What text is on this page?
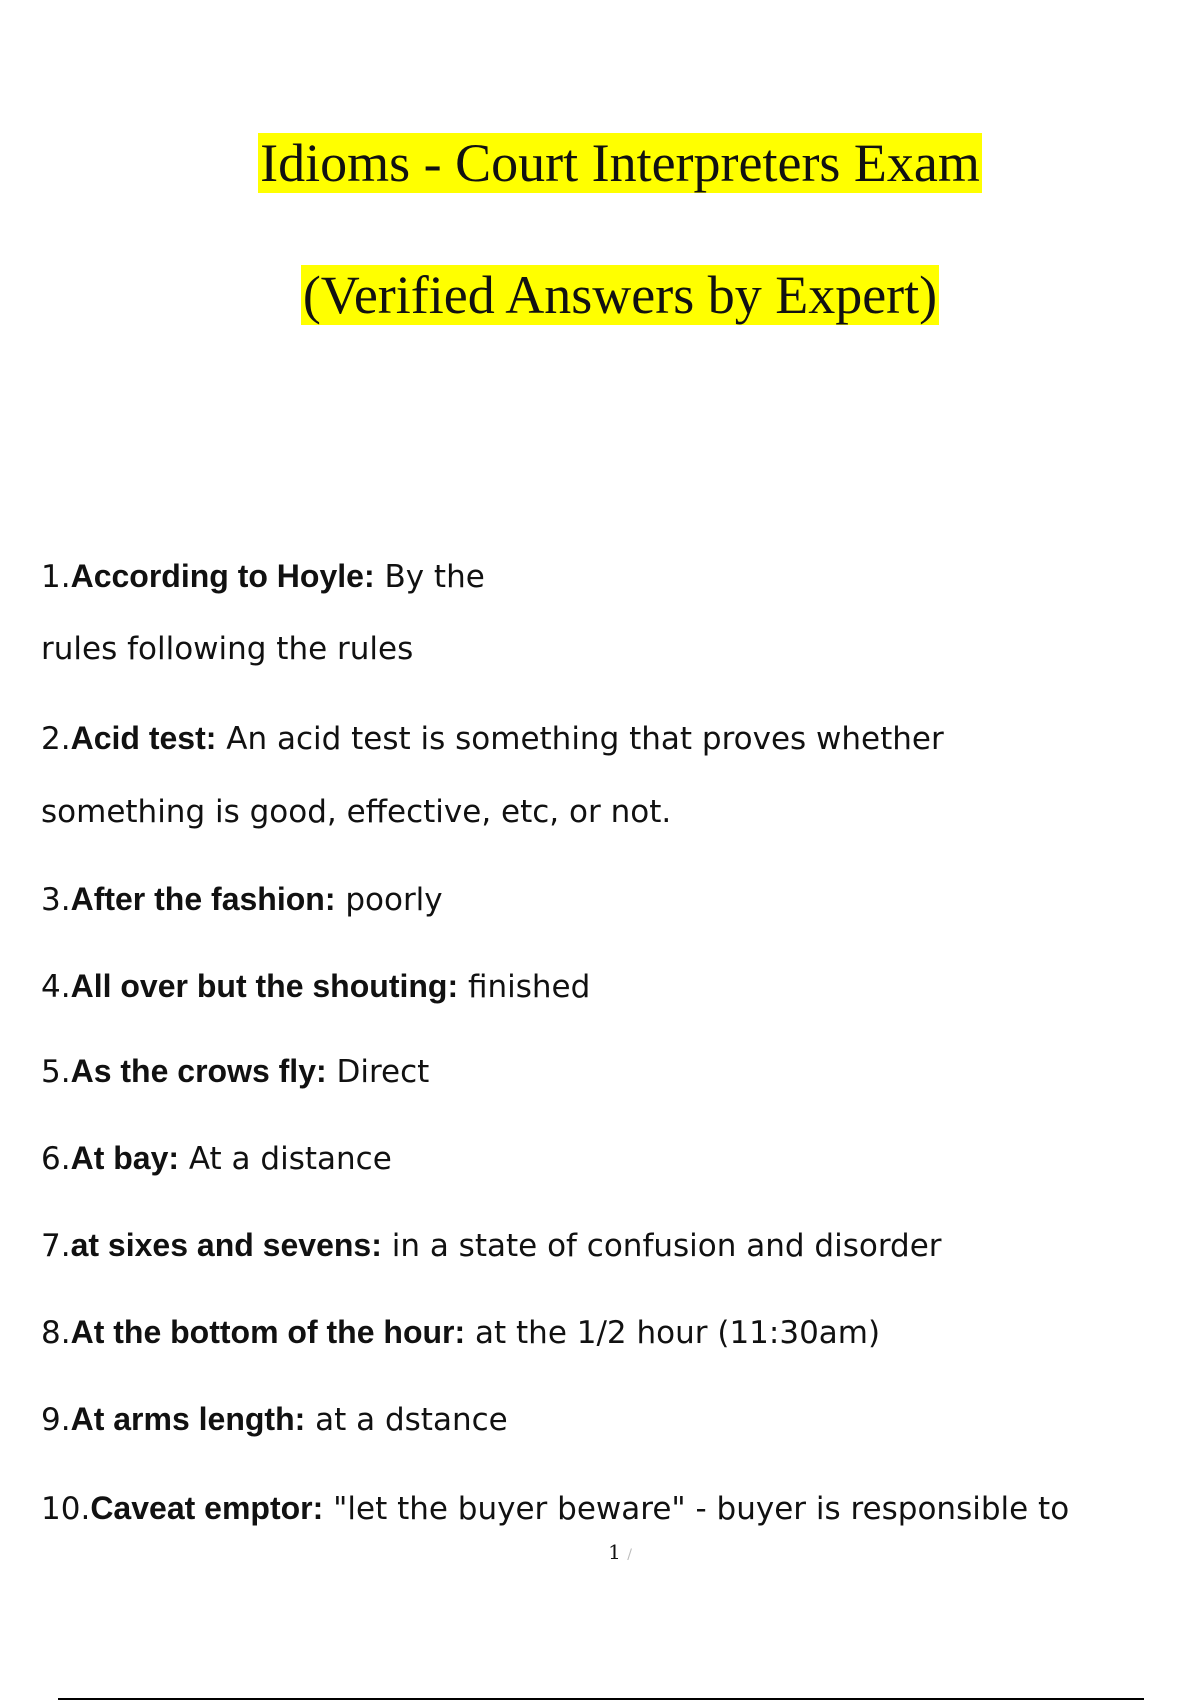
Idioms - Court Interpreters Exam
(Verified Answers by Expert)
1.According to Hoyle: By the
rules following the rules
2.Acid test: An acid test is something that proves whether
something is good, effective, etc, or not.
3.After the fashion: poorly
4.All over but the shouting: finished
5.As the crows fly: Direct
6.At bay: At a distance
7.at sixes and sevens: in a state of confusion and disorder
8.At the bottom of the hour: at the 1/2 hour (11:30am)
9.At arms length: at a dstance
10.Caveat emptor: "let the buyer beware" - buyer is responsible to
1 /
